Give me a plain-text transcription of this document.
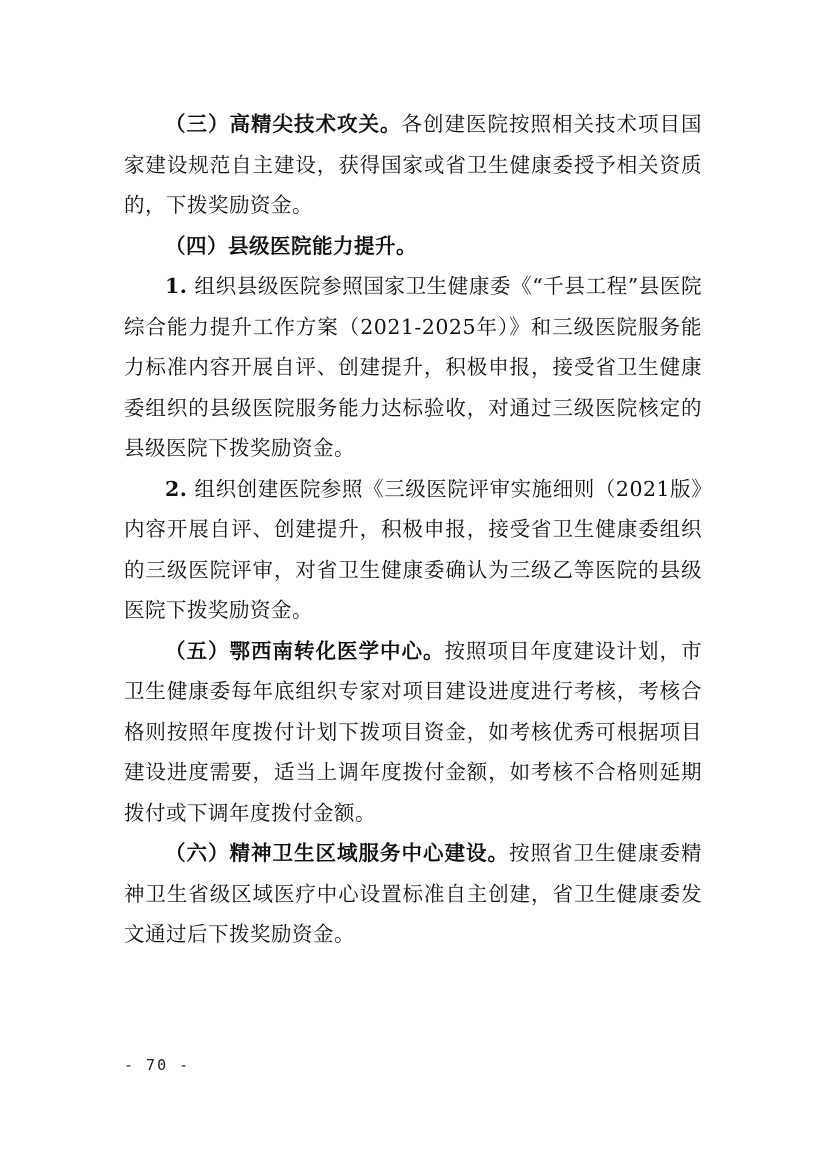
（三）高精尖技术攻关。各创建医院按照相关技术项目国家建设规范自主建设，获得国家或省卫生健康委授予相关资质的，下拨奖励资金。

（四）县级医院能力提升。

1. 组织县级医院参照国家卫生健康委《“千县工程”县医院综合能力提升工作方案（2021-2025年）》和三级医院服务能力标准内容开展自评、创建提升，积极申报，接受省卫生健康委组织的县级医院服务能力达标验收，对通过三级医院核定的县级医院下拨奖励资金。

2. 组织创建医院参照《三级医院评审实施细则（2021版》内容开展自评、创建提升，积极申报，接受省卫生健康委组织的三级医院评审，对省卫生健康委确认为三级乙等医院的县级医院下拨奖励资金。

（五）鄂西南转化医学中心。按照项目年度建设计划，市卫生健康委每年底组织专家对项目建设进度进行考核，考核合格则按照年度拨付计划下拨项目资金，如考核优秀可根据项目建设进度需要，适当上调年度拨付金额，如考核不合格则延期拨付或下调年度拨付金额。

（六）精神卫生区域服务中心建设。按照省卫生健康委精神卫生省级区域医疗中心设置标准自主创建，省卫生健康委发文通过后下拨奖励资金。

- 70 -
